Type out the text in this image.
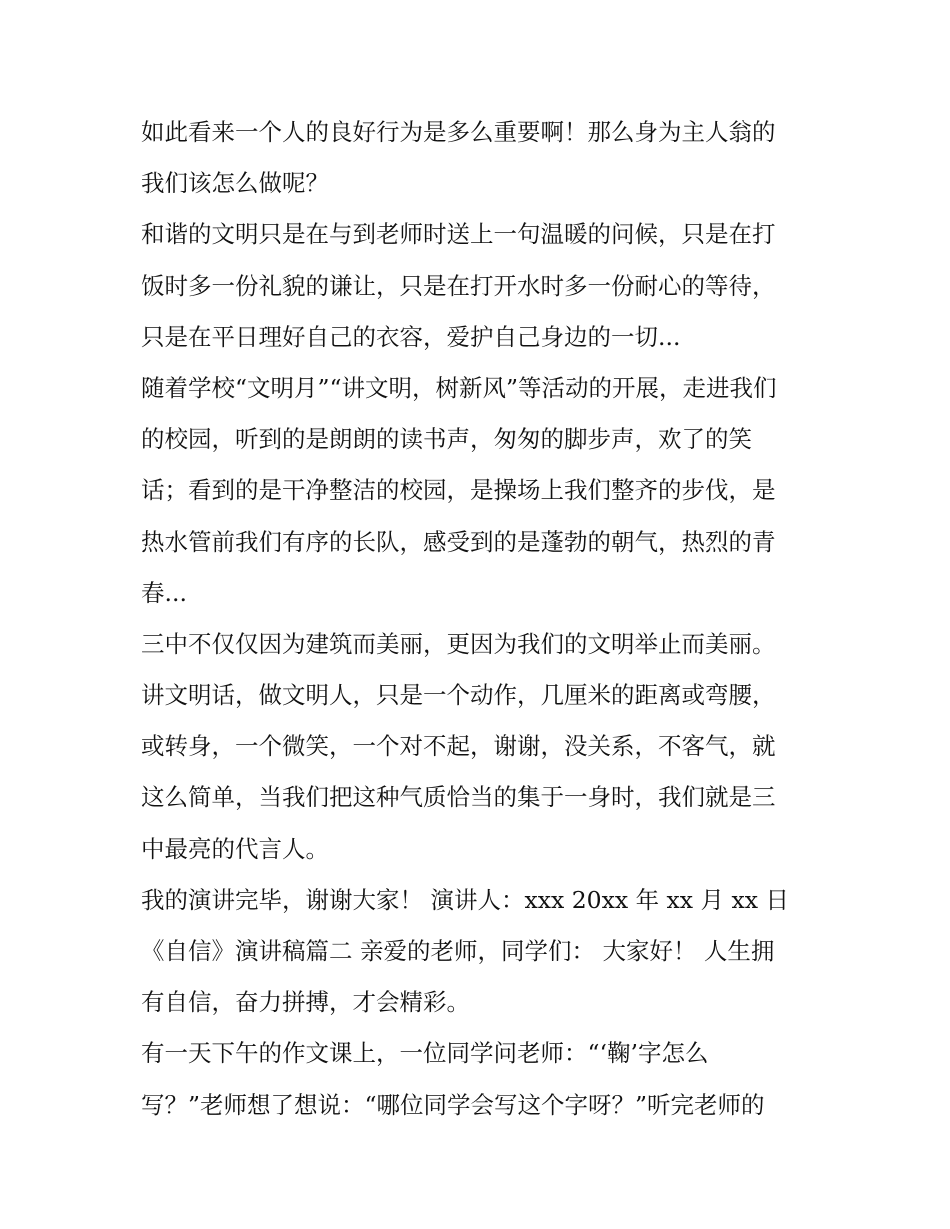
如此看来一个人的良好行为是多么重要啊！那么身为主人翁的
我们该怎么做呢？
和谐的文明只是在与到老师时送上一句温暖的问候，只是在打
饭时多一份礼貌的谦让，只是在打开水时多一份耐心的等待，
只是在平日理好自己的衣容，爱护自己身边的一切...
随着学校“文明月”“讲文明，树新风”等活动的开展，走进我们
的校园，听到的是朗朗的读书声，匆匆的脚步声，欢了的笑
话；看到的是干净整洁的校园，是操场上我们整齐的步伐，是
热水管前我们有序的长队，感受到的是蓬勃的朝气，热烈的青
春...
三中不仅仅因为建筑而美丽，更因为我们的文明举止而美丽。
讲文明话，做文明人，只是一个动作，几厘米的距离或弯腰，
或转身，一个微笑，一个对不起，谢谢，没关系，不客气，就
这么简单，当我们把这种气质恰当的集于一身时，我们就是三
中最亮的代言人。
我的演讲完毕，谢谢大家！ 演讲人：xxx 20xx 年 xx 月 xx 日
《自信》演讲稿篇二 亲爱的老师，同学们： 大家好！ 人生拥
有自信，奋力拼搏，才会精彩。
有一天下午的作文课上，一位同学问老师：“‘鞠’字怎么
写？”老师想了想说：“哪位同学会写这个字呀？”听完老师的
